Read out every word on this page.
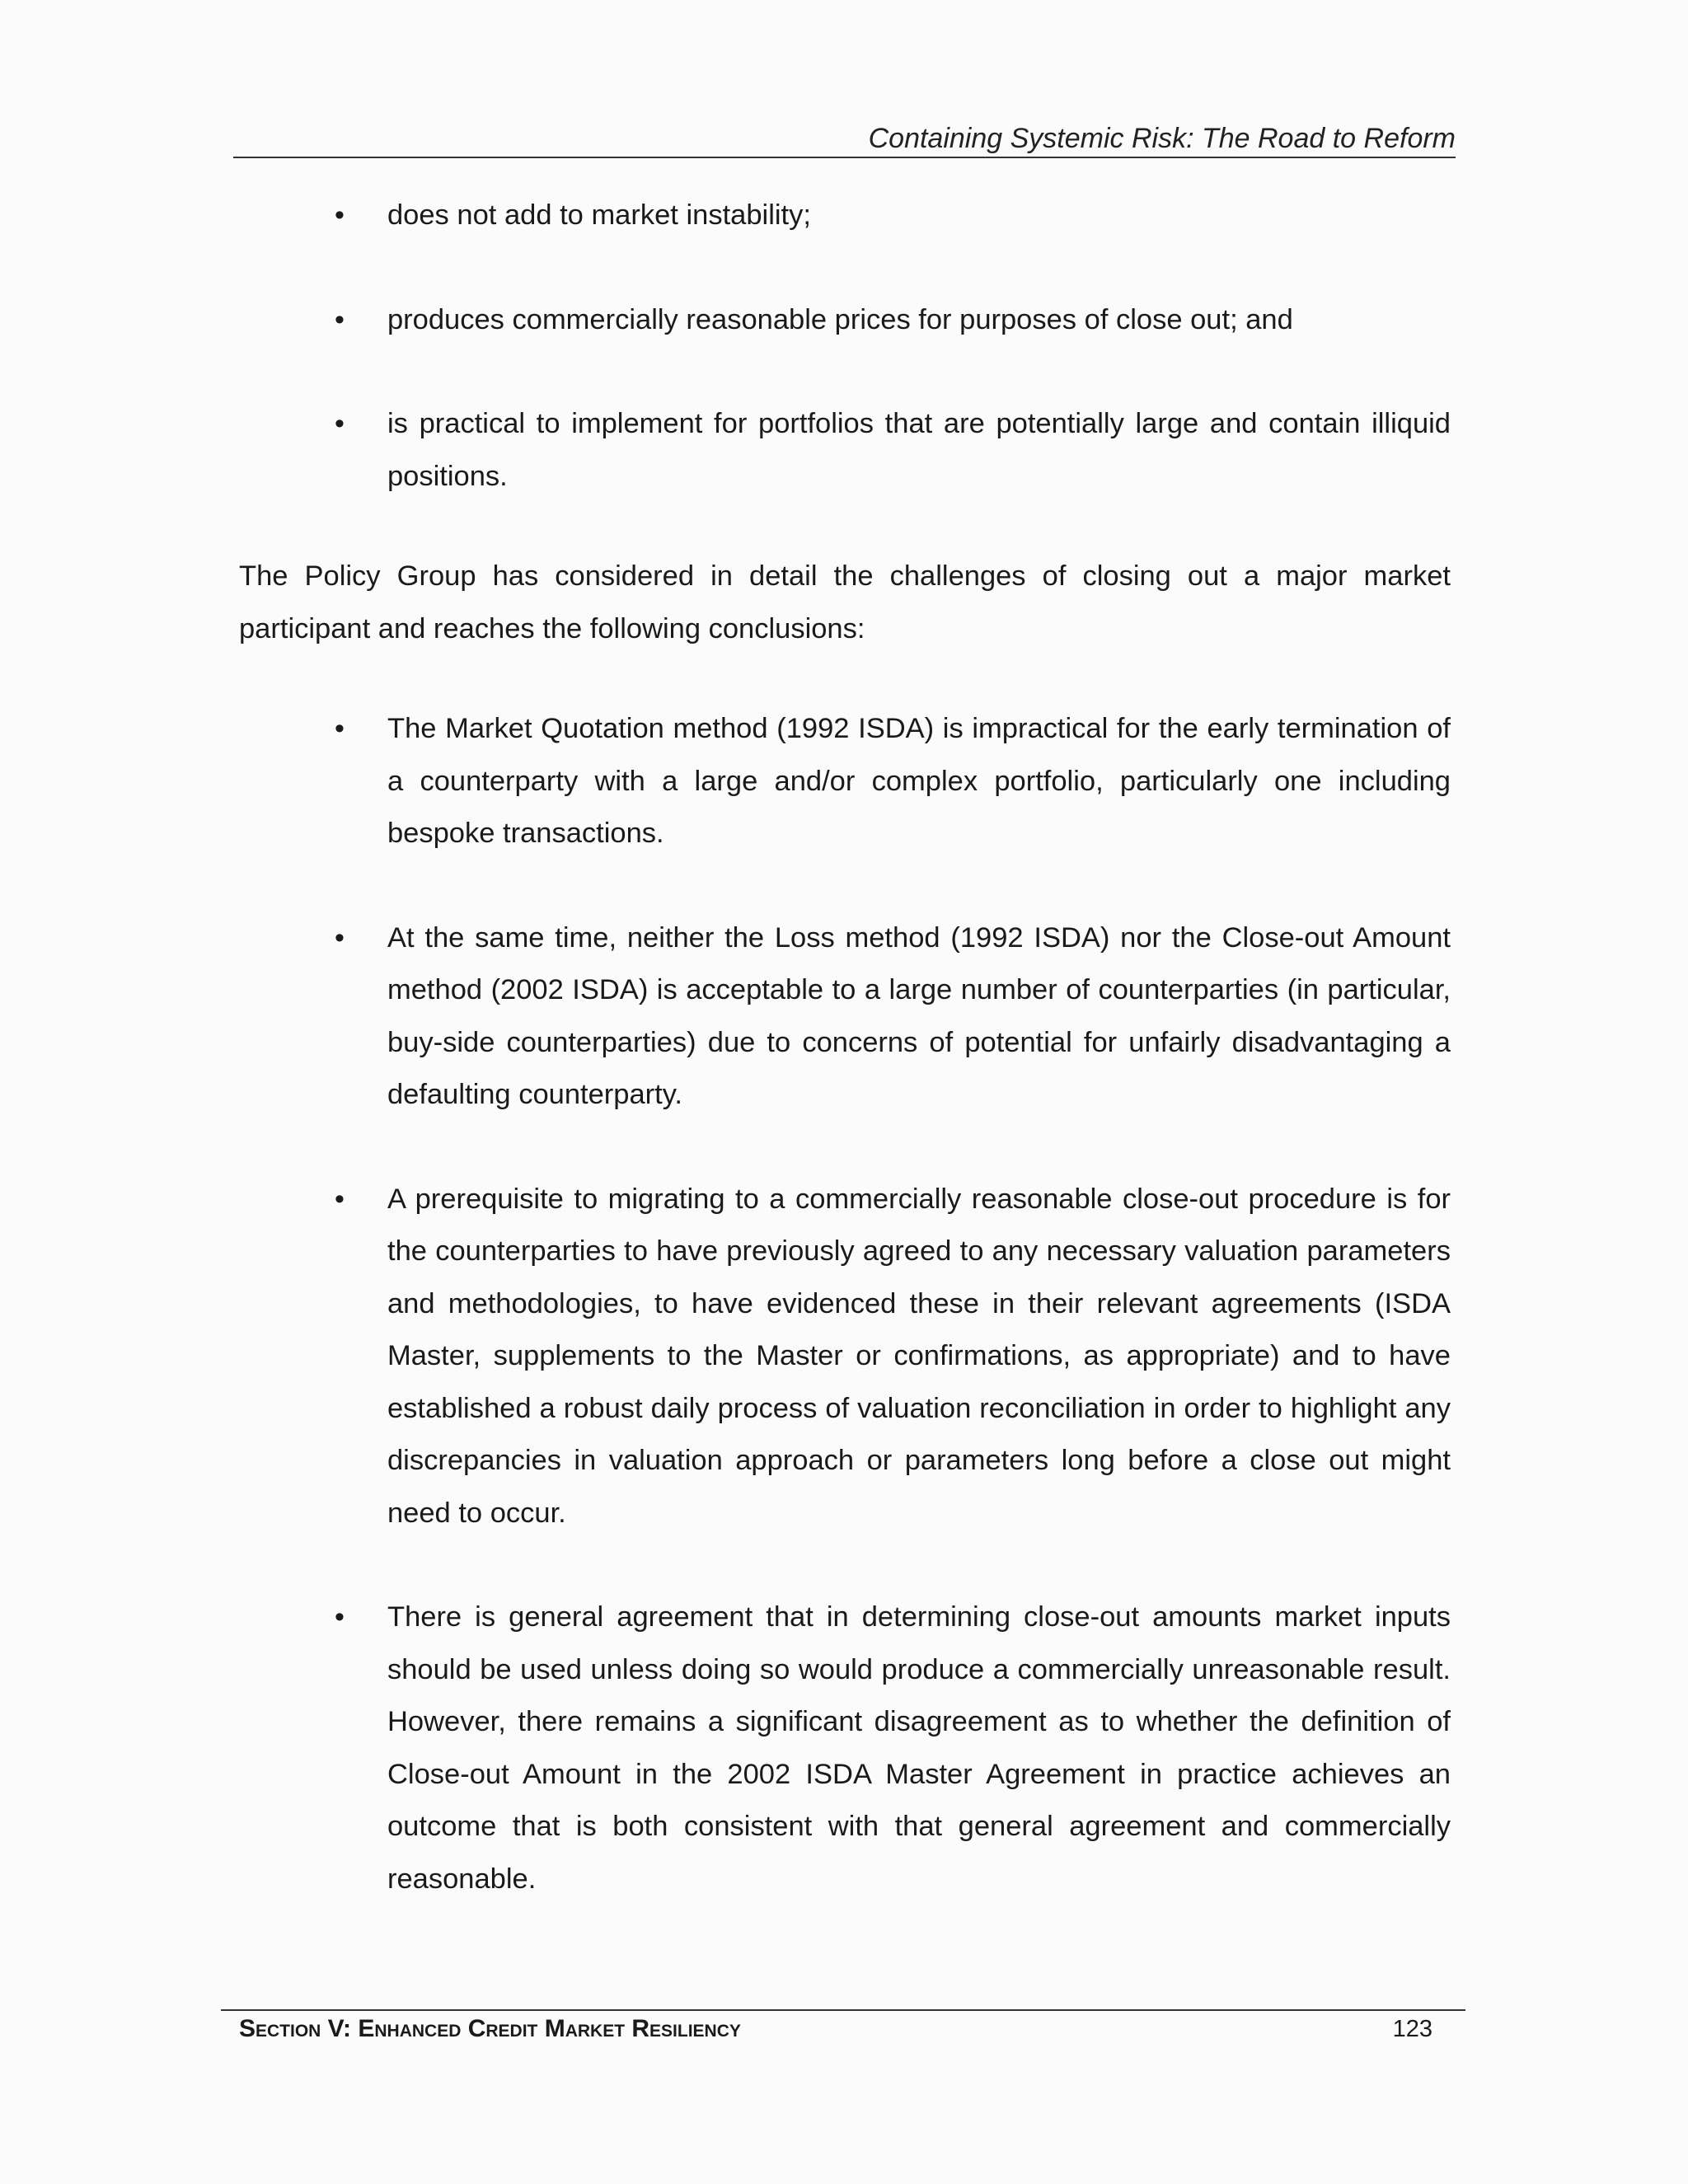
Containing Systemic Risk: The Road to Reform
• does not add to market instability;
• produces commercially reasonable prices for purposes of close out; and
• is practical to implement for portfolios that are potentially large and contain illiquid positions.

The Policy Group has considered in detail the challenges of closing out a major market participant and reaches the following conclusions:

• The Market Quotation method (1992 ISDA) is impractical for the early termination of a counterparty with a large and/or complex portfolio, particularly one including bespoke transactions.
• At the same time, neither the Loss method (1992 ISDA) nor the Close-out Amount method (2002 ISDA) is acceptable to a large number of counterparties (in particular, buy-side counterparties) due to concerns of potential for unfairly disadvantaging a defaulting counterparty.
• A prerequisite to migrating to a commercially reasonable close-out procedure is for the counterparties to have previously agreed to any necessary valuation parameters and methodologies, to have evidenced these in their relevant agreements (ISDA Master, supplements to the Master or confirmations, as appropriate) and to have established a robust daily process of valuation reconciliation in order to highlight any discrepancies in valuation approach or parameters long before a close out might need to occur.
• There is general agreement that in determining close-out amounts market inputs should be used unless doing so would produce a commercially unreasonable result. However, there remains a significant disagreement as to whether the definition of Close-out Amount in the 2002 ISDA Master Agreement in practice achieves an outcome that is both consistent with that general agreement and commercially reasonable.
Section V: Enhanced Credit Market Resiliency	123
